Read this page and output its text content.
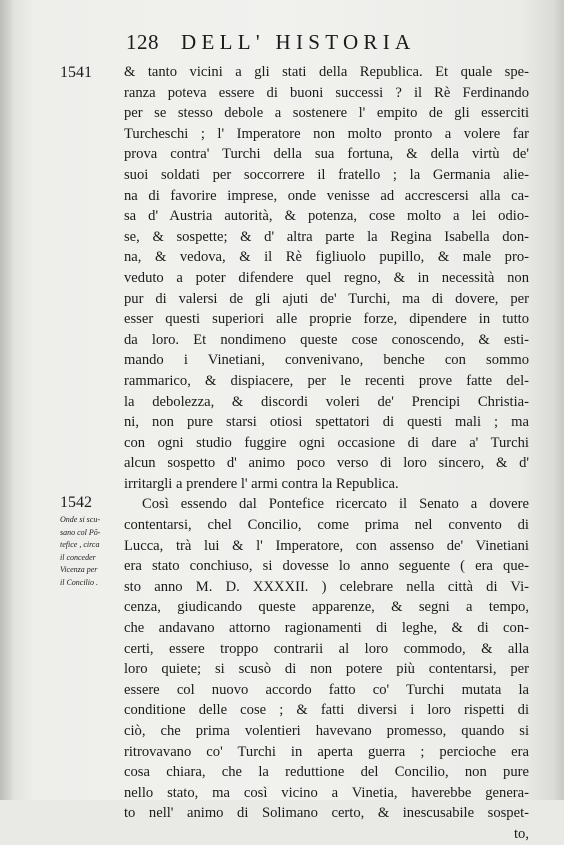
128 DELL' HISTORIA
1541
1542
Onde si scu-
sano col Põ-
tefice , circa
il conceder
Vicenza per
il Concilio .
& tanto vicini a gli stati della Republica. Et quale spe-
ranza poteva essere di buoni successi ? il Rè Ferdinando
per se stesso debole a sostenere l' empito de gli esserciti
Turcheschi ; l' Imperatore non molto pronto a volere far
prova contra' Turchi della sua fortuna, & della virtù de'
suoi soldati per soccorrere il fratello ; la Germania alie-
na di favorire imprese, onde venisse ad accrescersi alla ca-
sa d' Austria autorità, & potenza, cose molto a lei odio-
se, & sospette; & d' altra parte la Regina Isabella don-
na, & vedova, & il Rè figliuolo pupillo, & male pro-
veduto a poter difendere quel regno, & in necessità non
pur di valersi de gli ajuti de' Turchi, ma di dovere, per
esser questi superiori alle proprie forze, dipendere in tutto
da loro. Et nondimeno queste cose conoscendo, & esti-
mando i Vinetiani, convenivano, benche con sommo
rammarico, & dispiacere, per le recenti prove fatte del-
la debolezza, & discordi voleri de' Prencipi Christia-
ni, non pure starsi otiosi spettatori di questi mali ; ma
con ogni studio fuggire ogni occasione di dare a' Turchi
alcun sospetto d' animo poco verso di loro sincero, & d'
irritargli a prendere l' armi contra la Republica.
Così essendo dal Pontefice ricercato il Senato a dovere
contentarsi, chel Concilio, come prima nel convento di
Lucca, trà lui & l' Imperatore, con assenso de' Vinetiani
era stato conchiuso, si dovesse lo anno seguente ( era que-
sto anno M. D. XXXXII. ) celebrare nella città di Vi-
cenza, giudicando queste apparenze, & segni a tempo,
che andavano attorno ragionamenti di leghe, & di con-
certi, essere troppo contrarii al loro commodo, & alla
loro quiete; si scusò di non potere più contentarsi, per
essere col nuovo accordo fatto co' Turchi mutata la
conditione delle cose ; & fatti diversi i loro rispetti di
ciò, che prima volentieri havevano promesso, quando si
ritrovavano co' Turchi in aperta guerra ; percioche era
cosa chiara, che la reduttione del Concilio, non pure
nello stato, ma così vicino a Vinetia, haverebbe genera-
to nell' animo di Solimano certo, & inescusabile sospet-
to,
